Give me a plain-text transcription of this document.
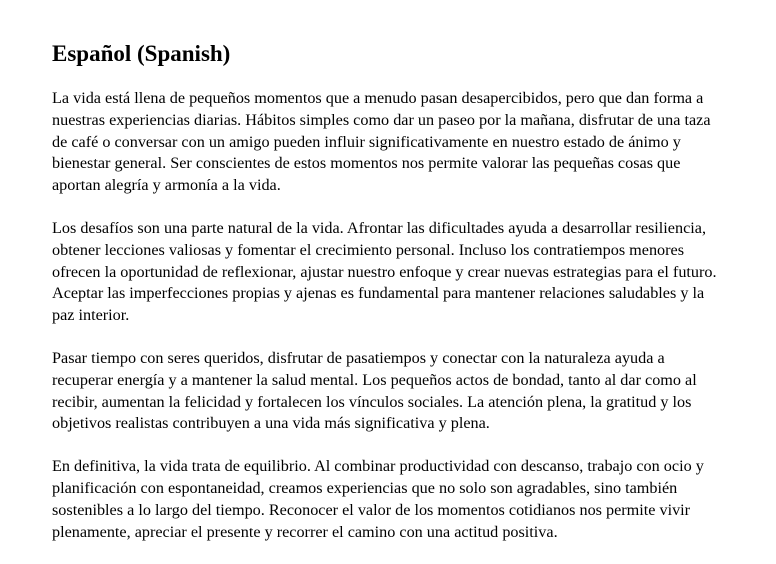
Español (Spanish)

La vida está llena de pequeños momentos que a menudo pasan desapercibidos, pero que dan forma a nuestras experiencias diarias. Hábitos simples como dar un paseo por la mañana, disfrutar de una taza de café o conversar con un amigo pueden influir significativamente en nuestro estado de ánimo y bienestar general. Ser conscientes de estos momentos nos permite valorar las pequeñas cosas que aportan alegría y armonía a la vida.

Los desafíos son una parte natural de la vida. Afrontar las dificultades ayuda a desarrollar resiliencia, obtener lecciones valiosas y fomentar el crecimiento personal. Incluso los contratiempos menores ofrecen la oportunidad de reflexionar, ajustar nuestro enfoque y crear nuevas estrategias para el futuro. Aceptar las imperfecciones propias y ajenas es fundamental para mantener relaciones saludables y la paz interior.

Pasar tiempo con seres queridos, disfrutar de pasatiempos y conectar con la naturaleza ayuda a recuperar energía y a mantener la salud mental. Los pequeños actos de bondad, tanto al dar como al recibir, aumentan la felicidad y fortalecen los vínculos sociales. La atención plena, la gratitud y los objetivos realistas contribuyen a una vida más significativa y plena.

En definitiva, la vida trata de equilibrio. Al combinar productividad con descanso, trabajo con ocio y planificación con espontaneidad, creamos experiencias que no solo son agradables, sino también sostenibles a lo largo del tiempo. Reconocer el valor de los momentos cotidianos nos permite vivir plenamente, apreciar el presente y recorrer el camino con una actitud positiva.
